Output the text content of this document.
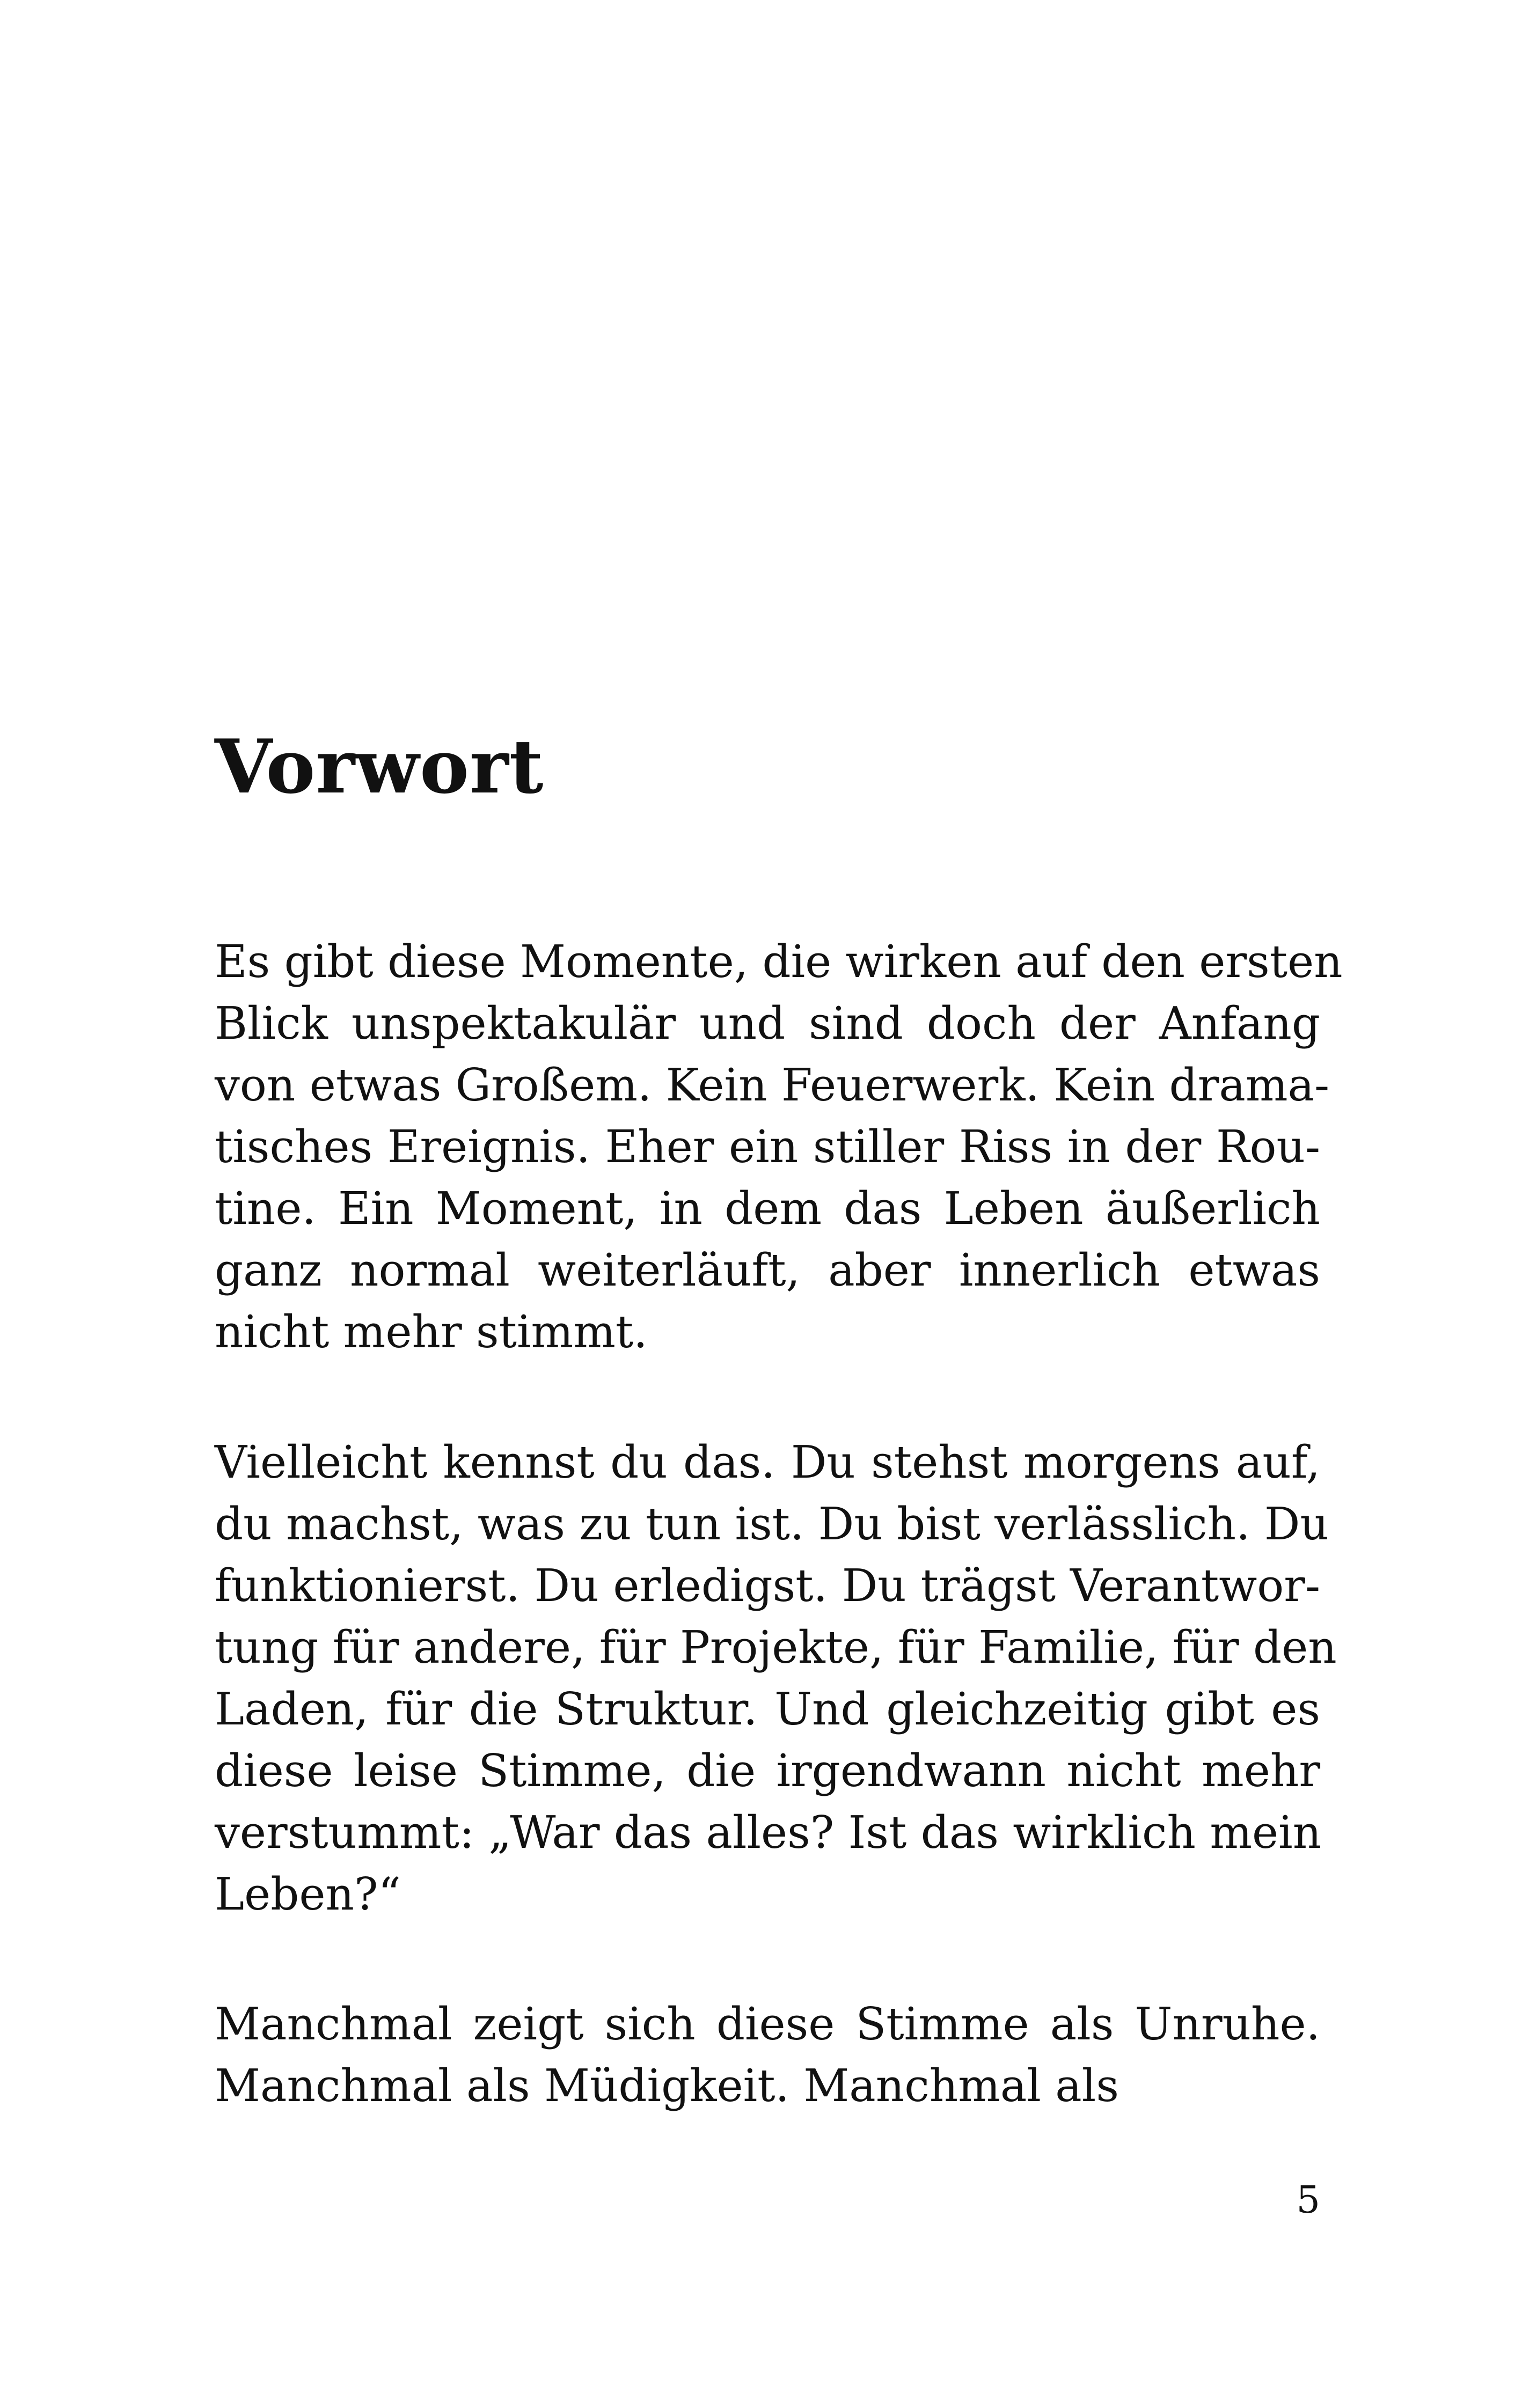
Vorwort
Es gibt diese Momente, die wirken auf den ersten
Blick unspektakulär und sind doch der Anfang
von etwas Großem. Kein Feuerwerk. Kein drama-
tisches Ereignis. Eher ein stiller Riss in der Rou-
tine. Ein Moment, in dem das Leben äußerlich
ganz normal weiterläuft, aber innerlich etwas
nicht mehr stimmt.
Vielleicht kennst du das. Du stehst morgens auf,
du machst, was zu tun ist. Du bist verlässlich. Du
funktionierst. Du erledigst. Du trägst Verantwor-
tung für andere, für Projekte, für Familie, für den
Laden, für die Struktur. Und gleichzeitig gibt es
diese leise Stimme, die irgendwann nicht mehr
verstummt: „War das alles? Ist das wirklich mein
Leben?“
Manchmal zeigt sich diese Stimme als Unruhe.
Manchmal als Müdigkeit. Manchmal als
5
